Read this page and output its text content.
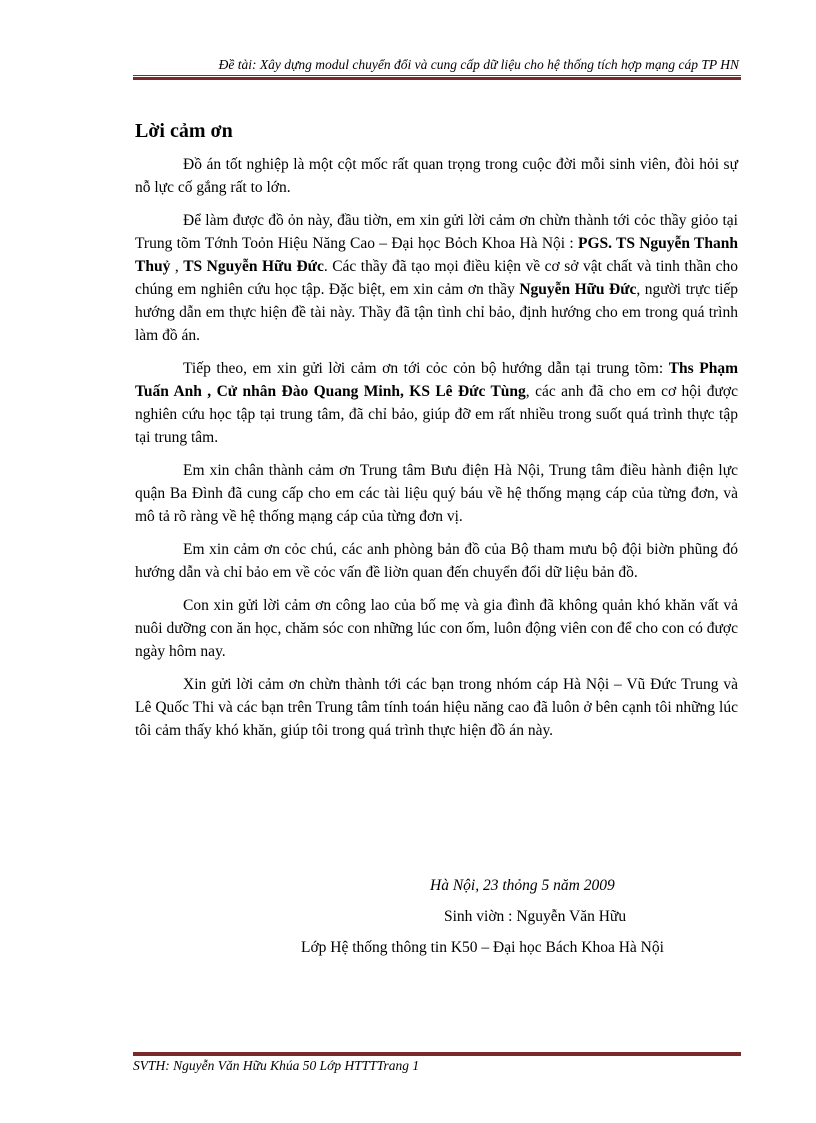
Đề tài: Xây dựng modul chuyển đổi và cung cấp dữ liệu cho hệ thống tích hợp mạng cáp TP HN
Lời cảm ơn

Đồ án tốt nghiệp là một cột mốc rất quan trọng trong cuộc đời mỗi sinh viên, đòi hỏi sự nỗ lực cố gắng rất to lớn.

Để làm được đồ ỏn này, đầu tiờn, em xin gửi lời cảm ơn chừn thành tới cỏc thầy giỏo tại Trung tõm Tớnh Toỏn Hiệu Năng Cao – Đại học Bỏch Khoa Hà Nội : PGS. TS Nguyễn Thanh Thuỷ , TS Nguyễn Hữu Đức. Các thầy đã tạo mọi điều kiện về cơ sở vật chất và tinh thần cho chúng em nghiên cứu học tập. Đặc biệt, em xin cảm ơn thầy Nguyễn Hữu Đức, người trực tiếp hướng dẫn em thực hiện đề tài này. Thầy đã tận tình chỉ bảo, định hướng cho em trong quá trình làm đồ án.

Tiếp theo, em xin gửi lời cảm ơn tới cỏc cỏn bộ hướng dẫn tại trung tõm: Ths Phạm Tuấn Anh , Cử nhân Đào Quang Minh, KS Lê Đức Tùng, các anh đã cho em cơ hội được nghiên cứu học tập tại trung tâm, đã chỉ bảo, giúp đỡ em rất nhiều trong suốt quá trình thực tập tại trung tâm.

Em xin chân thành cảm ơn Trung tâm Bưu điện Hà Nội, Trung tâm điều hành điện lực quận Ba Đình đã cung cấp cho em các tài liệu quý báu về hệ thống mạng cáp của từng đơn, và mô tả rõ ràng về hệ thống mạng cáp của từng đơn vị.

Em xin cảm ơn cỏc chú, các anh phòng bản đồ của Bộ tham mưu bộ đội biờn phũng đó hướng dẫn và chỉ bảo em về cỏc vấn đề liờn quan đến chuyển đổi dữ liệu bản đồ.

Con xin gửi lời cảm ơn công lao của bố mẹ và gia đình đã không quản khó khăn vất vả nuôi dưỡng con ăn học, chăm sóc con những lúc con ốm, luôn động viên con để cho con có được ngày hôm nay.

Xin gửi lời cảm ơn chừn thành tới các bạn trong nhóm cáp Hà Nội – Vũ Đức Trung và Lê Quốc Thi và các bạn trên Trung tâm tính toán hiệu năng cao đã luôn ở bên cạnh tôi những lúc tôi cảm thấy khó khăn, giúp tôi trong quá trình thực hiện đồ án này.

Hà Nội, 23 thỏng 5 năm 2009
Sinh viờn : Nguyễn Văn Hữu
Lớp Hệ thống thông tin K50 – Đại học Bách Khoa Hà Nội
SVTH: Nguyễn Văn Hữu Khúa 50 Lớp HTTTTrang 1
